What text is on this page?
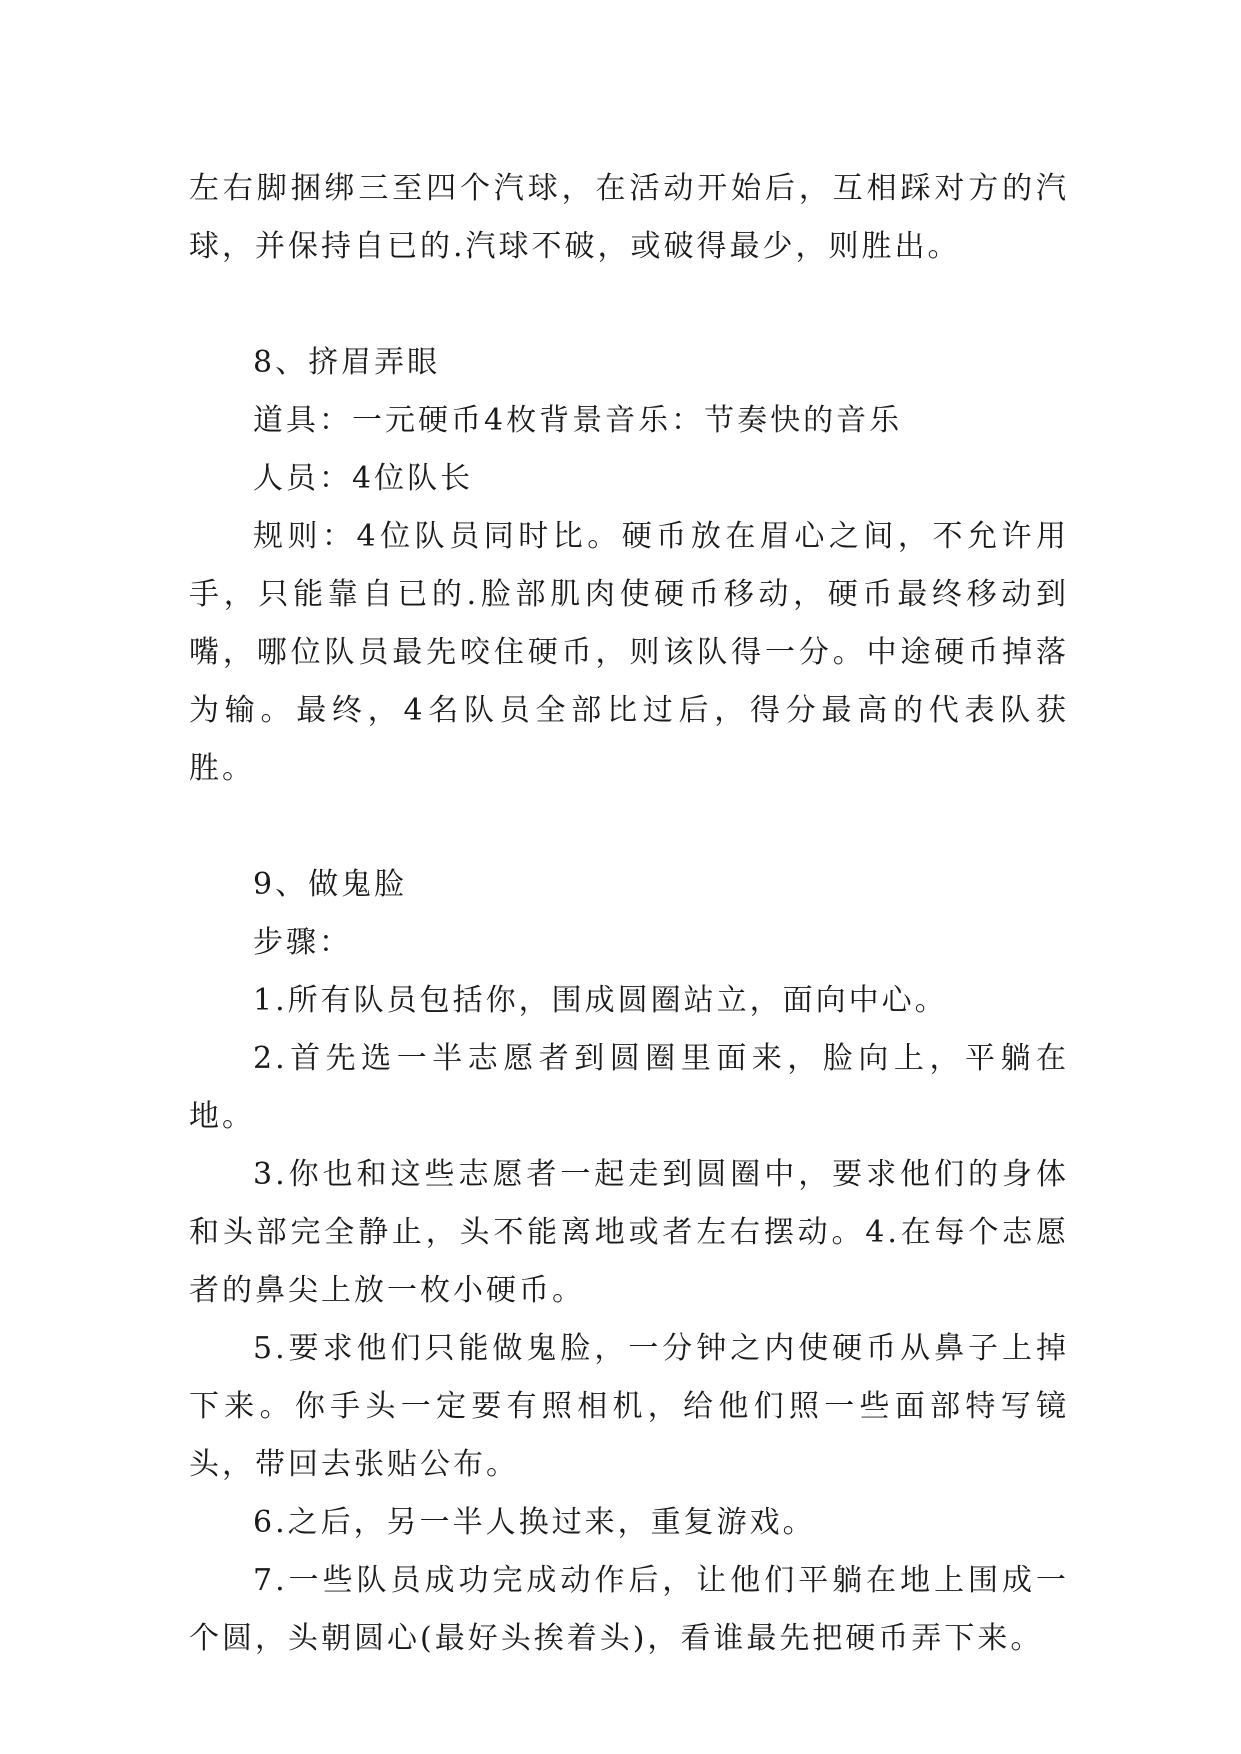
左右脚捆绑三至四个汽球，在活动开始后，互相踩对方的汽球，并保持自已的.汽球不破，或破得最少，则胜出。

8、挤眉弄眼

道具：一元硬币4枚背景音乐：节奏快的音乐

人员：4位队长

规则：4位队员同时比。硬币放在眉心之间，不允许用手，只能靠自已的.脸部肌肉使硬币移动，硬币最终移动到嘴，哪位队员最先咬住硬币，则该队得一分。中途硬币掉落为输。最终，4名队员全部比过后，得分最高的代表队获胜。

9、做鬼脸

步骤：

1.所有队员包括你，围成圆圈站立，面向中心。

2.首先选一半志愿者到圆圈里面来，脸向上，平躺在地。

3.你也和这些志愿者一起走到圆圈中，要求他们的身体和头部完全静止，头不能离地或者左右摆动。4.在每个志愿者的鼻尖上放一枚小硬币。

5.要求他们只能做鬼脸，一分钟之内使硬币从鼻子上掉下来。你手头一定要有照相机，给他们照一些面部特写镜头，带回去张贴公布。

6.之后，另一半人换过来，重复游戏。

7.一些队员成功完成动作后，让他们平躺在地上围成一个圆，头朝圆心(最好头挨着头)，看谁最先把硬币弄下来。
